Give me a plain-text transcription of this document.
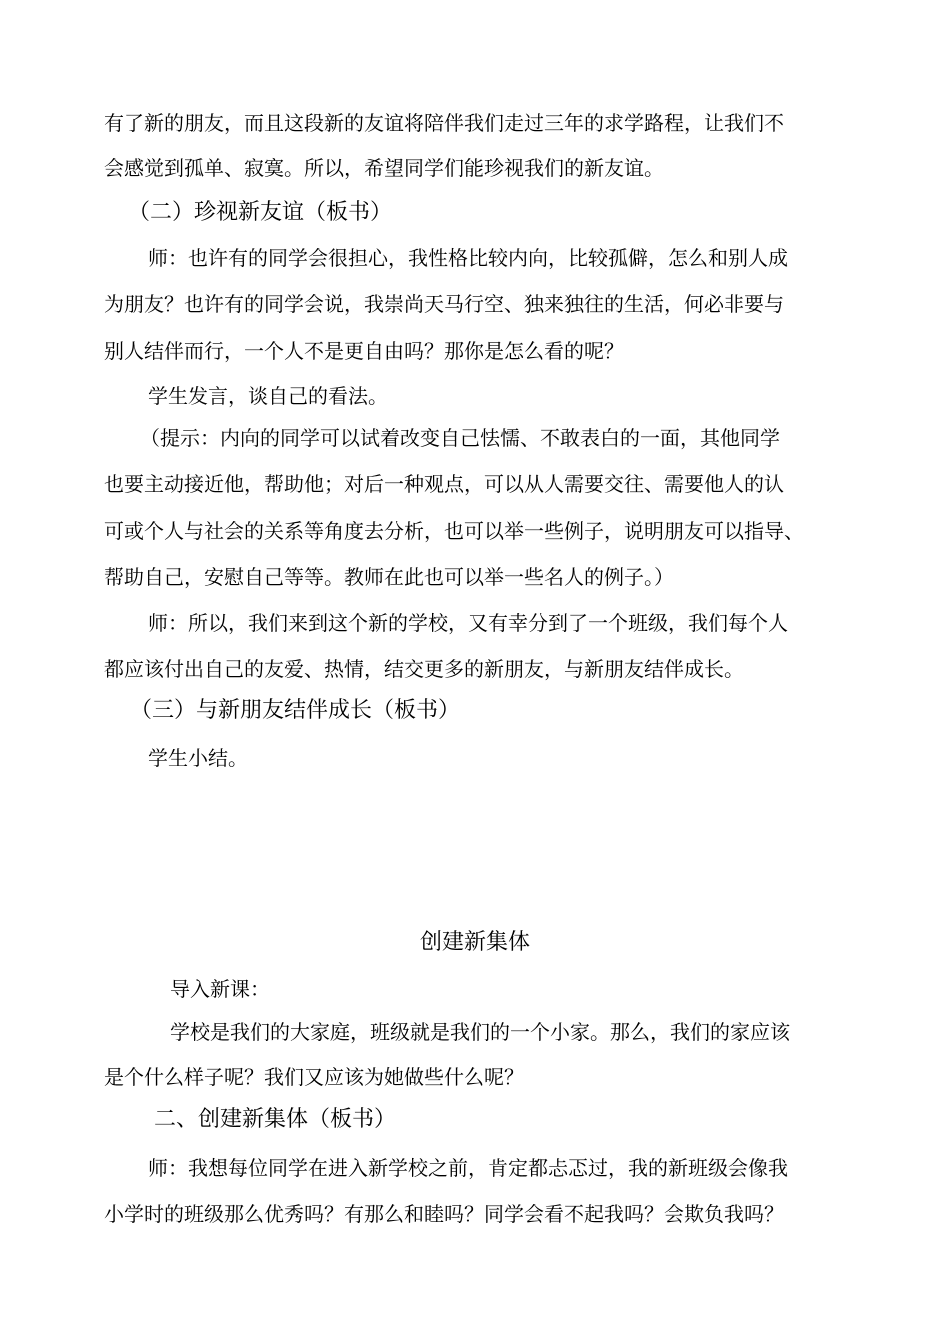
有了新的朋友，而且这段新的友谊将陪伴我们走过三年的求学路程，让我们不
会感觉到孤单、寂寞。所以，希望同学们能珍视我们的新友谊。
（二）珍视新友谊（板书）
师：也许有的同学会很担心，我性格比较内向，比较孤僻，怎么和别人成
为朋友？也许有的同学会说，我崇尚天马行空、独来独往的生活，何必非要与
别人结伴而行，一个人不是更自由吗？那你是怎么看的呢？
学生发言，谈自己的看法。
（提示：内向的同学可以试着改变自己怯懦、不敢表白的一面，其他同学
也要主动接近他，帮助他；对后一种观点，可以从人需要交往、需要他人的认
可或个人与社会的关系等角度去分析，也可以举一些例子，说明朋友可以指导、
帮助自己，安慰自己等等。教师在此也可以举一些名人的例子。）
师：所以，我们来到这个新的学校，又有幸分到了一个班级，我们每个人
都应该付出自己的友爱、热情，结交更多的新朋友，与新朋友结伴成长。
（三）与新朋友结伴成长（板书）
学生小结。
创建新集体
导入新课：
学校是我们的大家庭，班级就是我们的一个小家。那么，我们的家应该
是个什么样子呢？我们又应该为她做些什么呢？
二、创建新集体（板书）
师：我想每位同学在进入新学校之前，肯定都忐忑过，我的新班级会像我
小学时的班级那么优秀吗？有那么和睦吗？同学会看不起我吗？会欺负我吗？
